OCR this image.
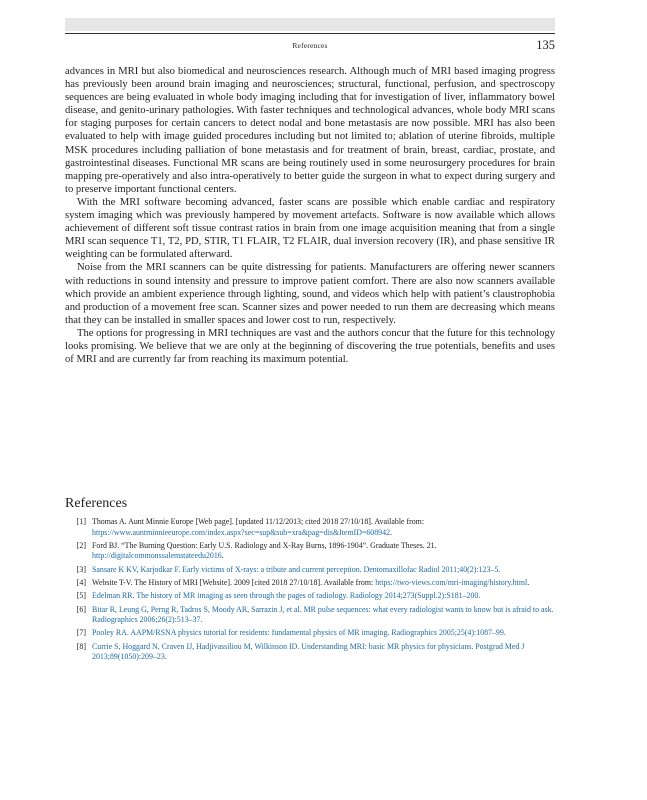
References	135

advances in MRI but also biomedical and neurosciences research. Although much of MRI based imaging progress has previously been around brain imaging and neurosciences; structural, functional, perfusion, and spectroscopy sequences are being evaluated in whole body imaging including that for investigation of liver, inflammatory bowel disease, and genito-urinary pathologies. With faster techniques and technological advances, whole body MRI scans for staging purposes for certain cancers to detect nodal and bone metastasis are now possible. MRI has also been evaluated to help with image guided procedures including but not limited to; ablation of uterine fibroids, multiple MSK procedures including palliation of bone metastasis and for treatment of brain, breast, cardiac, prostate, and gastrointestinal diseases. Functional MR scans are being routinely used in some neurosurgery procedures for brain mapping pre-operatively and also intra-operatively to better guide the surgeon in what to expect during surgery and to preserve important functional centers.

With the MRI software becoming advanced, faster scans are possible which enable cardiac and respiratory system imaging which was previously hampered by movement artefacts. Software is now available which allows achievement of different soft tissue contrast ratios in brain from one image acquisition meaning that from a single MRI scan sequence T1, T2, PD, STIR, T1 FLAIR, T2 FLAIR, dual inversion recovery (IR), and phase sensitive IR weighting can be formulated afterward.

Noise from the MRI scanners can be quite distressing for patients. Manufacturers are offering newer scanners with reductions in sound intensity and pressure to improve patient comfort. There are also now scanners available which provide an ambient experience through lighting, sound, and videos which help with patient’s claustrophobia and production of a movement free scan. Scanner sizes and power needed to run them are decreasing which means that they can be installed in smaller spaces and lower cost to run, respectively.

The options for progressing in MRI techniques are vast and the authors concur that the future for this technology looks promising. We believe that we are only at the beginning of discovering the true potentials, benefits and uses of MRI and are currently far from reaching its maximum potential.

References
[1] Thomas A. Aunt Minnie Europe [Web page]. [updated 11/12/2013; cited 2018 27/10/18]. Available from: https://www.auntminnieeurope.com/index.aspx?sec=sup&sub=xra&pag=dis&ItemID=608942.
[2] Ford BJ. “The Burning Question: Early U.S. Radiology and X-Ray Burns, 1896-1904”. Graduate Theses. 21. http://digitalcommonssalemstateedu2016.
[3] Sansare K KV, Karjodkar F. Early victims of X-rays: a tribute and current perception. Dentomaxillofac Radiol 2011;40(2):123–5.
[4] Website T-V. The History of MRI [Website]. 2009 [cited 2018 27/10/18]. Available from: https://two-views.com/mri-imaging/history.html.
[5] Edelman RR. The history of MR imaging as seen through the pages of radiology. Radiology 2014;273(Suppl.2):S181–200.
[6] Bitar R, Leung G, Perng R, Tadros S, Moody AR, Sarrazin J, et al. MR pulse sequences: what every radiologist wants to know but is afraid to ask. Radiographics 2006;26(2):513–37.
[7] Pooley RA. AAPM/RSNA physics tutorial for residents: fundamental physics of MR imaging. Radiographics 2005;25(4):1087–99.
[8] Currie S, Hoggard N, Craven IJ, Hadjivassiliou M, Wilkinson ID. Understanding MRI: basic MR physics for physicians. Postgrad Med J 2013;89(1050):209–23.
